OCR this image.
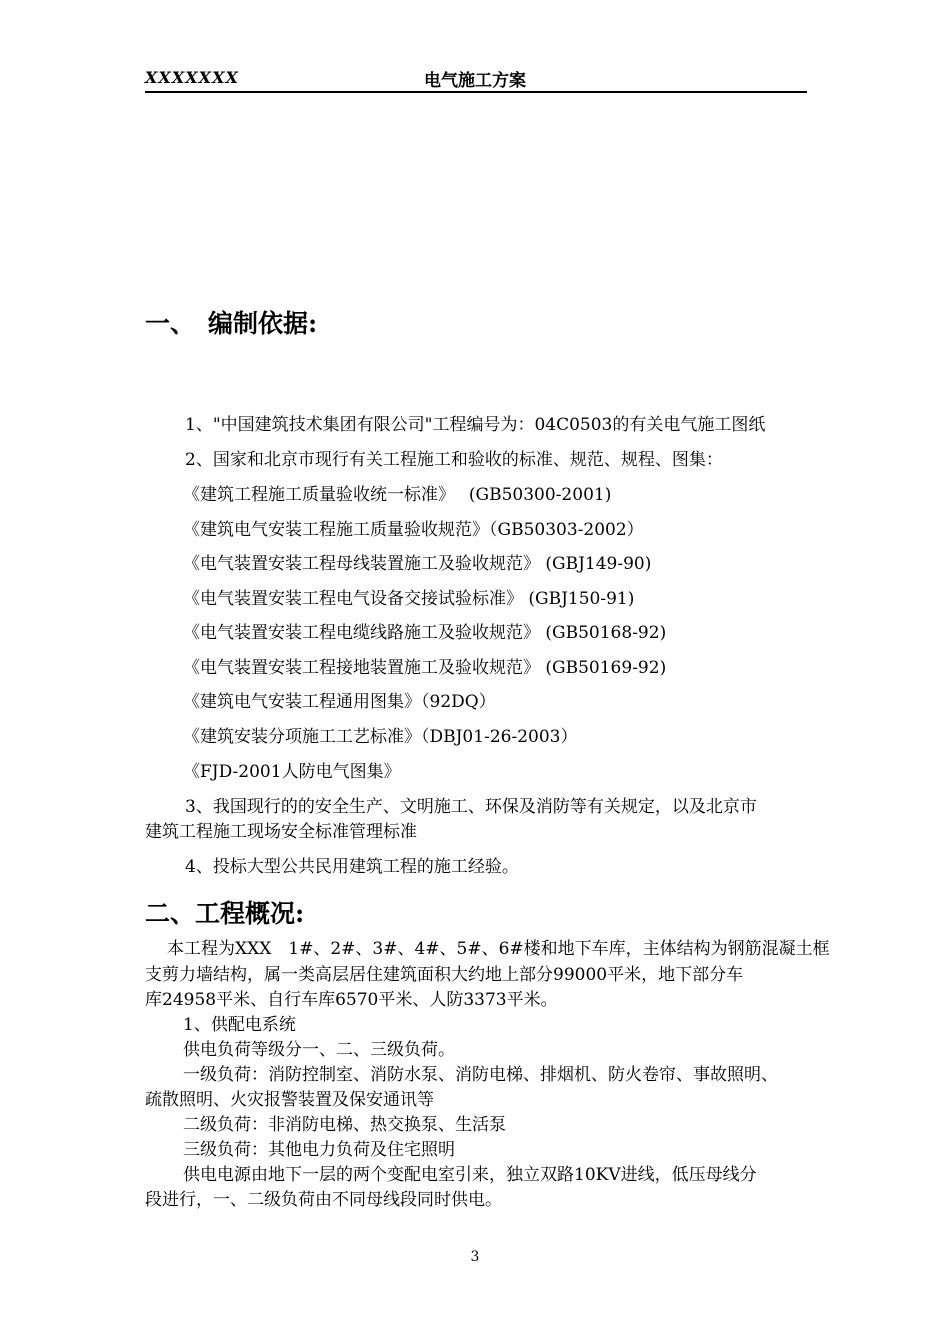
XXXXXXX	电气施工方案
一、 编制依据:
1、"中国建筑技术集团有限公司"工程编号为：04C0503的有关电气施工图纸
2、国家和北京市现行有关工程施工和验收的标准、规范、规程、图集：
《建筑工程施工质量验收统一标准》　 (GB50300-2001)
《建筑电气安装工程施工质量验收规范》（GB50303-2002）
《电气装置安装工程母线装置施工及验收规范》 (GBJ149-90)
《电气装置安装工程电气设备交接试验标准》 (GBJ150-91)
《电气装置安装工程电缆线路施工及验收规范》 (GB50168-92)
《电气装置安装工程接地装置施工及验收规范》 (GB50169-92)
《建筑电气安装工程通用图集》（92DQ）
《建筑安装分项施工工艺标准》（DBJ01-26-2003）
《FJD-2001人防电气图集》
3、我国现行的的安全生产、文明施工、环保及消防等有关规定，以及北京市
建筑工程施工现场安全标准管理标准
4、投标大型公共民用建筑工程的施工经验。
二、工程概况:
本工程为XXX　1#、2#、3#、4#、5#、6#楼和地下车库，主体结构为钢筋混凝土框
支剪力墙结构，属一类高层居住建筑面积大约地上部分99000平米，地下部分车
库24958平米、自行车库6570平米、人防3373平米。
1、供配电系统
供电负荷等级分一、二、三级负荷。
一级负荷：消防控制室、消防水泵、消防电梯、排烟机、防火卷帘、事故照明、
疏散照明、火灾报警装置及保安通讯等
二级负荷：非消防电梯、热交换泵、生活泵
三级负荷：其他电力负荷及住宅照明
供电电源由地下一层的两个变配电室引来，独立双路10KV进线，低压母线分
段进行，一、二级负荷由不同母线段同时供电。
3
